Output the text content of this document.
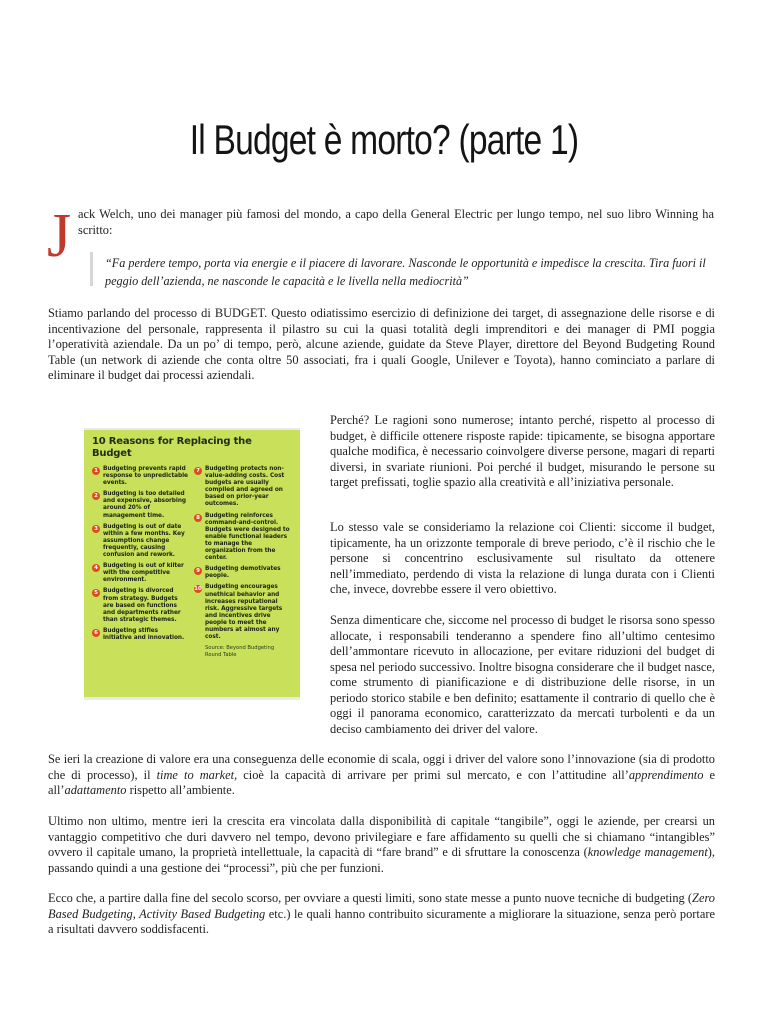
Il Budget è morto? (parte 1)
J ack Welch, uno dei manager più famosi del mondo, a capo della General Electric per lungo tempo, nel suo libro Winning ha scritto:
“Fa perdere tempo, porta via energie e il piacere di lavorare. Nasconde le opportunità e impedisce la crescita. Tira fuori il peggio dell’azienda, ne nasconde le capacità e le livella nella mediocrità”
Stiamo parlando del processo di BUDGET. Questo odiatissimo esercizio di definizione dei target, di assegnazione delle risorse e di incentivazione del personale, rappresenta il pilastro su cui la quasi totalità degli imprenditori e dei manager di PMI poggia l’operatività aziendale. Da un po’ di tempo, però, alcune aziende, guidate da Steve Player, direttore del Beyond Budgeting Round Table (un network di aziende che conta oltre 50 associati, fra i quali Google, Unilever e Toyota), hanno cominciato a parlare di eliminare il budget dai processi aziendali.
10 Reasons for Replacing the Budget
1 Budgeting prevents rapid response to unpredictable events.
2 Budgeting is too detailed and expensive, absorbing around 20% of management time.
3 Budgeting is out of date within a few months. Key assumptions change frequently, causing confusion and rework.
4 Budgeting is out of kilter with the competitive environment.
5 Budgeting is divorced from strategy. Budgets are based on functions and departments rather than strategic themes.
6 Budgeting stifles initiative and innovation.
7 Budgeting protects non-value-adding costs. Cost budgets are usually compiled and agreed on based on prior-year outcomes.
8 Budgeting reinforces command-and-control. Budgets were designed to enable functional leaders to manage the organization from the center.
9 Budgeting demotivates people.
10 Budgeting encourages unethical behavior and increases reputational risk. Aggressive targets and incentives drive people to meet the numbers at almost any cost.
Source: Beyond Budgeting Round Table
Perché? Le ragioni sono numerose; intanto perché, rispetto al processo di budget, è difficile ottenere risposte rapide: tipicamente, se bisogna apportare qualche modifica, è necessario coinvolgere diverse persone, magari di reparti diversi, in svariate riunioni. Poi perché il budget, misurando le persone su target prefissati, toglie spazio alla creatività e all’iniziativa personale.
Lo stesso vale se consideriamo la relazione coi Clienti: siccome il budget, tipicamente, ha un orizzonte temporale di breve periodo, c’è il rischio che le persone si concentrino esclusivamente sul risultato da ottenere nell’immediato, perdendo di vista la relazione di lunga durata con i Clienti che, invece, dovrebbe essere il vero obiettivo.
Senza dimenticare che, siccome nel processo di budget le risorsa sono spesso allocate, i responsabili tenderanno a spendere fino all’ultimo centesimo dell’ammontare ricevuto in allocazione, per evitare riduzioni del budget di spesa nel periodo successivo. Inoltre bisogna considerare che il budget nasce, come strumento di pianificazione e di distribuzione delle risorse, in un periodo storico stabile e ben definito; esattamente il contrario di quello che è oggi il panorama economico, caratterizzato da mercati turbolenti e da un deciso cambiamento dei driver del valore.
Se ieri la creazione di valore era una conseguenza delle economie di scala, oggi i driver del valore sono l’innovazione (sia di prodotto che di processo), il time to market, cioè la capacità di arrivare per primi sul mercato, e con l’attitudine all’apprendimento e all’adattamento rispetto all’ambiente.
Ultimo non ultimo, mentre ieri la crescita era vincolata dalla disponibilità di capitale “tangibile”, oggi le aziende, per crearsi un vantaggio competitivo che duri davvero nel tempo, devono privilegiare e fare affidamento su quelli che si chiamano “intangibles” ovvero il capitale umano, la proprietà intellettuale, la capacità di “fare brand” e di sfruttare la conoscenza (knowledge management), passando quindi a una gestione dei “processi”, più che per funzioni.
Ecco che, a partire dalla fine del secolo scorso, per ovviare a questi limiti, sono state messe a punto nuove tecniche di budgeting (Zero Based Budgeting, Activity Based Budgeting etc.) le quali hanno contribuito sicuramente a migliorare la situazione, senza però portare a risultati davvero soddisfacenti.
